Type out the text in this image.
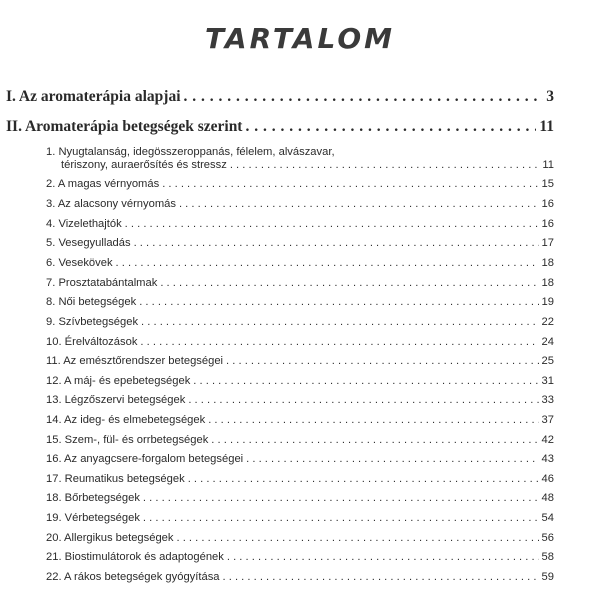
TARTALOM
I. Az aromaterápia alapjai . . .	3
II. Aromaterápia betegségek szerint . . .	11
1. Nyugtalanság, idegösszeroppanás, félelem, alvászavar,
tériszony, auraerősítés és stressz . . .	11
2. A magas vérnyomás . . .	15
3. Az alacsony vérnyomás . . .	16
4. Vizelethajtók . . .	16
5. Vesegyulladás . . .	17
6. Vesekövek . . .	18
7. Prosztatabántalmak . . .	18
8. Női betegségek . . .	19
9. Szívbetegségek . . .	22
10. Érelváltozások . . .	24
11. Az emésztőrendszer betegségei . . .	25
12. A máj- és epebetegségek . . .	31
13. Légzőszervi betegségek . . .	33
14. Az ideg- és elmebetegségek . . .	37
15. Szem-, fül- és orrbetegségek . . .	42
16. Az anyagcsere-forgalom betegségei . . .	43
17. Reumatikus betegségek . . .	46
18. Bőrbetegségek . . .	48
19. Vérbetegségek . . .	54
20. Allergikus betegségek . . .	56
21. Biostimulátorok és adaptogének . . .	58
22. A rákos betegségek gyógyítása . . .	59
